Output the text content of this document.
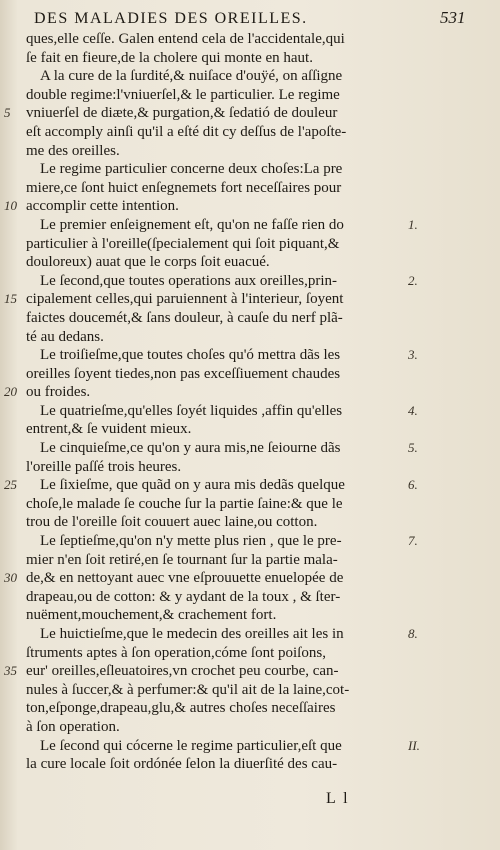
DES MALADIES DES OREILLES.	531
ques,elle ceſſe. Galen entend cela de l'accidentale,qui
ſe fait en fieure,de la cholere qui monte en haut.
A la cure de la ſurdité,& nuiſace d'ouÿé, on aſſigne
double regime:l'vniuerſel,& le particulier. Le regime
5 vniuerſel de diæte,& purgation,& ſedatió de douleur
eſt accomply ainſi qu'il a eſté dit cy deſſus de l'apoſte-
me des oreilles.
Le regime particulier concerne deux choſes:La pre
miere,ce ſont huict enſegnemets fort neceſſaires pour
10 accomplir cette intention.
Le premier enſeignement eſt, qu'on ne faſſe rien do	1.
particulier à l'oreille(ſpecialement qui ſoit piquant,&
douloreux) auat que le corps ſoit euacué.
Le ſecond,que toutes operations aux oreilles,prin-	2.
15 cipalement celles,qui paruiennent à l'interieur, ſoyent
faictes doucemét,& ſans douleur, à cauſe du nerf plã-
té au dedans.
Le troiſieſme,que toutes choſes qu'ó mettra dãs les	3.
oreilles ſoyent tiedes,non pas exceſſiuement chaudes
20 ou froides.
Le quatrieſme,qu'elles ſoyét liquides ,affin qu'elles	4.
entrent,& ſe vuident mieux.
Le cinquieſme,ce qu'on y aura mis,ne ſeiourne dãs	5.
l'oreille paſſé trois heures.
25 Le ſixieſme, que quãd on y aura mis dedãs quelque	6.
choſe,le malade ſe couche ſur la partie ſaine:& que le
trou de l'oreille ſoit couuert auec laine,ou cotton.
Le ſeptieſme,qu'on n'y mette plus rien , que le pre-	7.
mier n'en ſoit retiré,en ſe tournant ſur la partie mala-
30 de,& en nettoyant auec vne eſprouuette enuelopée de
drapeau,ou de cotton: & y aydant de la toux , & ſter-
nuëment,mouchement,& crachement fort.
Le huictieſme,que le medecin des oreilles ait les in	8.
ſtruments aptes à ſon operation,cóme ſont poiſons,
35 eur' oreilles,eſleuatoires,vn crochet peu courbe, can-
nules à ſuccer,& à perfumer:& qu'il ait de la laine,cot-
ton,eſponge,drapeau,glu,& autres choſes neceſſaires
à ſon operation.
Le ſecond qui cócerne le regime particulier,eſt que	II.
la cure locale ſoit ordónée ſelon la diuerſité des cau-
L l
